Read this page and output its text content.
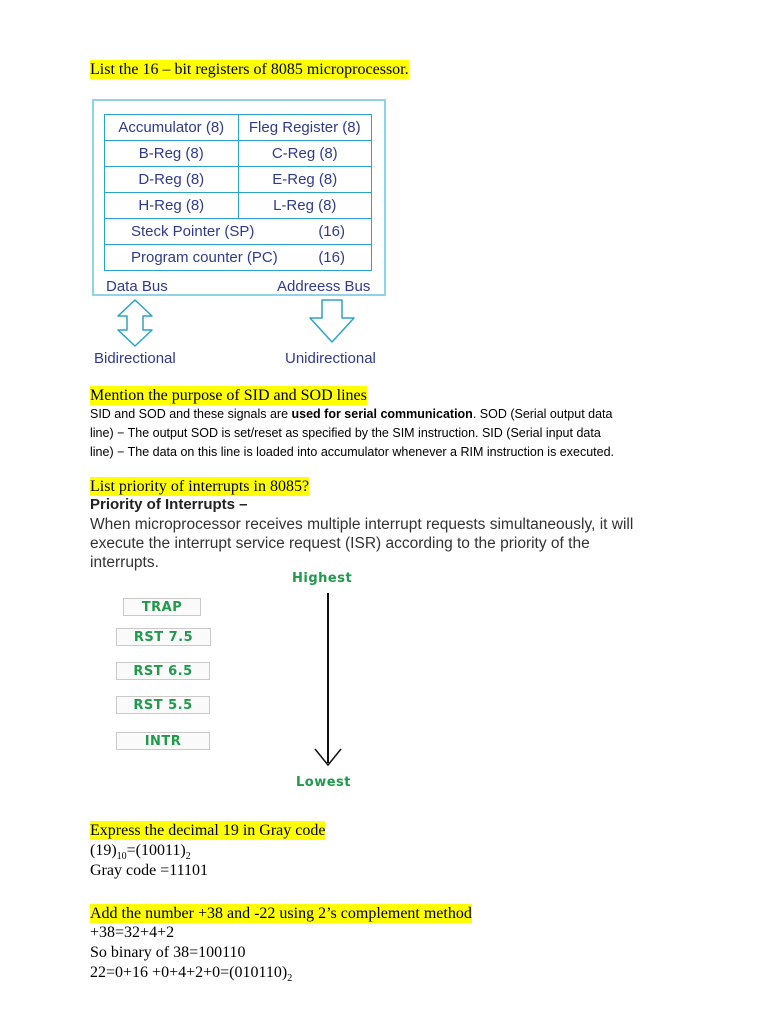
List the 16 – bit registers of 8085 microprocessor.
Accumulator (8)	Fleg Register (8)
B-Reg (8)	C-Reg (8)
D-Reg (8)	E-Reg (8)
H-Reg (8)	L-Reg (8)
Steck Pointer (SP)	(16)
Program counter (PC)	(16)
Data Bus	Addreess Bus
Bidirectional	Unidirectional
Mention the purpose of SID and SOD lines
SID and SOD and these signals are used for serial communication. SOD (Serial output data
line) − The output SOD is set/reset as specified by the SIM instruction. SID (Serial input data
line) − The data on this line is loaded into accumulator whenever a RIM instruction is executed.
List priority of interrupts in 8085?
Priority of Interrupts –
When microprocessor receives multiple interrupt requests simultaneously, it will
execute the interrupt service request (ISR) according to the priority of the
interrupts.
Highest
Lowest
TRAP
RST 7.5
RST 6.5
RST 5.5
INTR
Express the decimal 19 in Gray code
$(19)_{10}=(10011)_2$
Gray code =11101
Add the number +38 and -22 using 2’s complement method
+38=32+4+2
So binary of 38=100110
$22=0+16 +0+4+2+0=(010110)_2$
